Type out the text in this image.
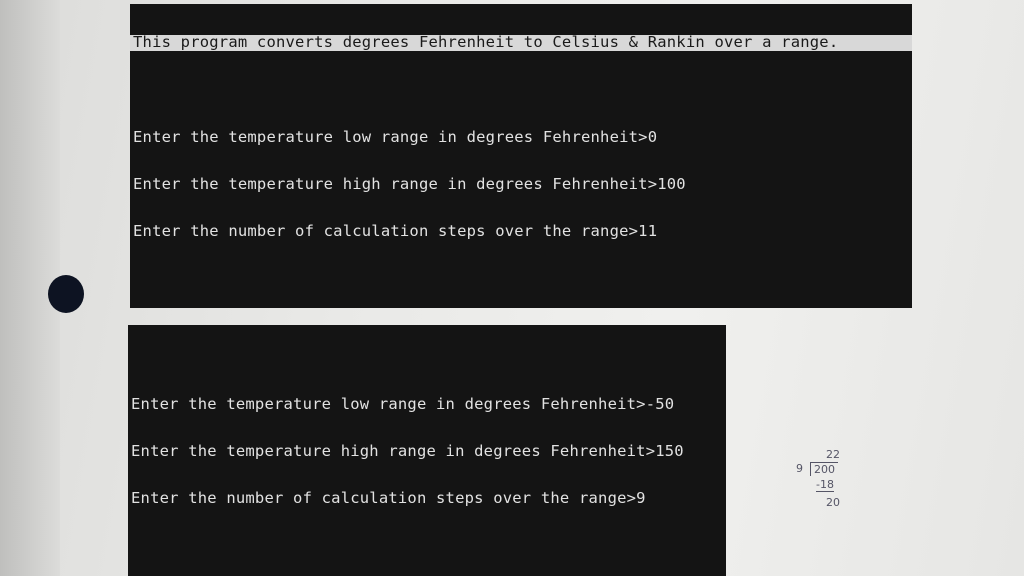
This program converts degrees Fehrenheit to Celsius & Rankin over a range.

Enter the temperature low range in degrees Fehrenheit>0

Enter the temperature high range in degrees Fehrenheit>100

Enter the number of calculation steps over the range>11

Enter the temperature low range in degrees Fehrenheit>-50

Enter the temperature high range in degrees Fehrenheit>150

Enter the number of calculation steps over the range>9

22
9	200
-18
20
